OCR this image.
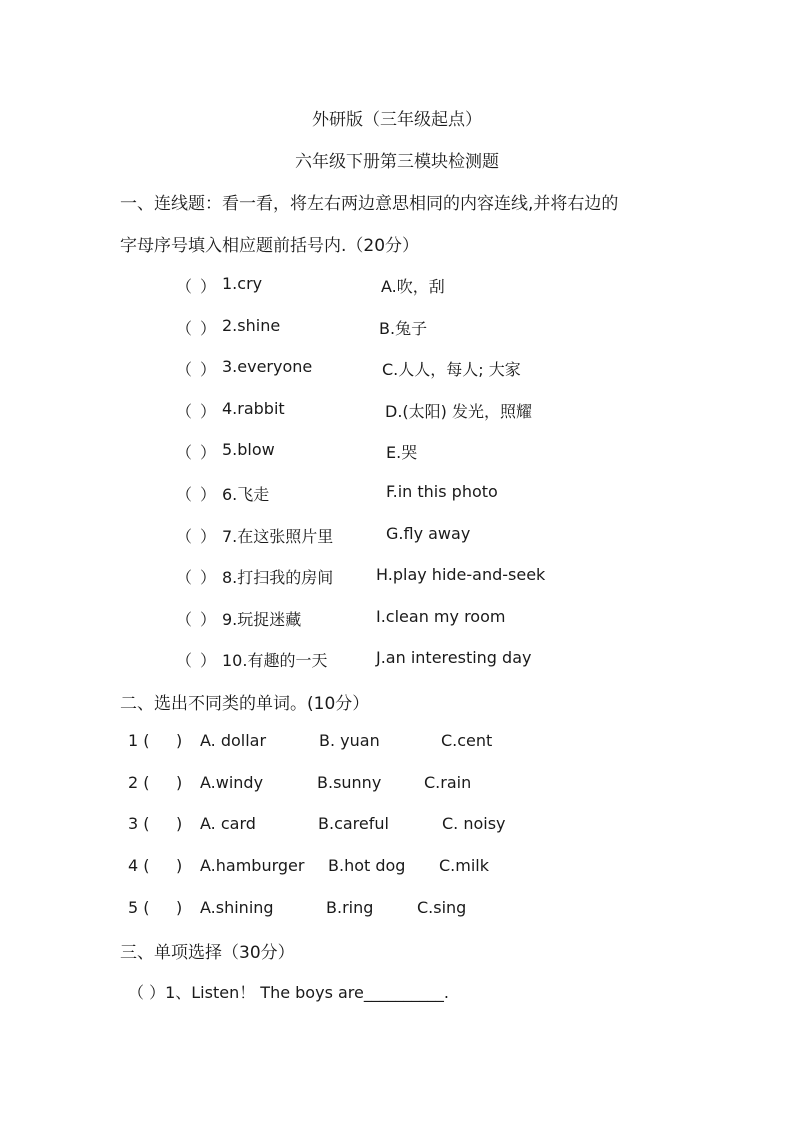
外研版（三年级起点）
六年级下册第三模块检测题
一、连线题：看一看，将左右两边意思相同的内容连线,并将右边的
字母序号填入相应题前括号内.（20分）
（ ） 1.cry	A.吹，刮
（ ） 2.shine	B.兔子
（ ） 3.everyone	C.人人，每人; 大家
（ ） 4.rabbit	D.(太阳) 发光，照耀
（ ） 5.blow	E.哭
（ ） 6.飞走	F.in this photo
（ ） 7.在这张照片里	G.fly away
（ ） 8.打扫我的房间	H.play hide-and-seek
（ ） 9.玩捉迷藏	I.clean my room
（ ） 10.有趣的一天	J.an interesting day
二、选出不同类的单词。(10分）
1 ( ) A. dollar	B. yuan	C.cent
2 ( ) A.windy	B.sunny	C.rain
3 ( ) A. card	B.careful	C. noisy
4 ( ) A.hamburger B.hot dog C.milk
5 ( ) A.shining	B.ring	C.sing
三、单项选择（30分）
（ ）1、Listen！ The boys are__________.
